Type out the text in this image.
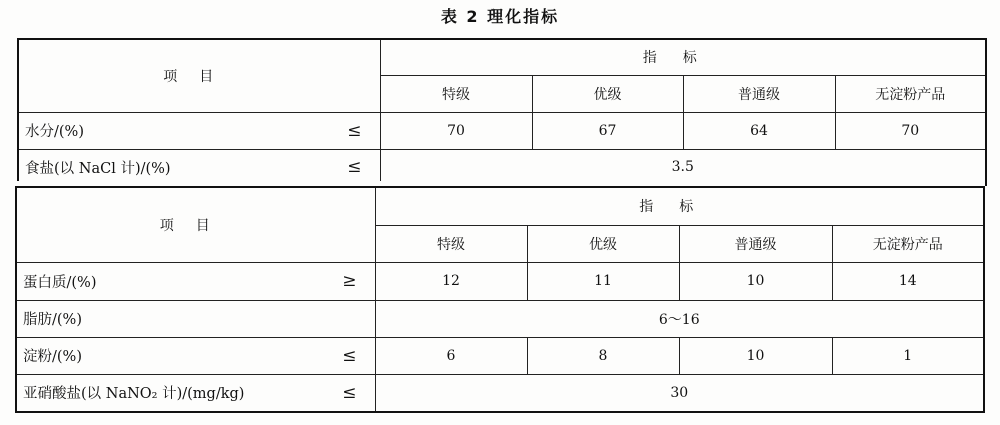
表 2 理化指标
项目	指标			
	特级	优级	普通级	无淀粉产品
水分/(%) ≤	70	67	64	70
食盐(以 NaCl 计)/(%) ≤	3.5			
项目	指标			
	特级	优级	普通级	无淀粉产品
蛋白质/(%) ≥	12	11	10	14
脂肪/(%)	6～16			
淀粉/(%) ≤	6	8	10	1
亚硝酸盐(以 NaNO₂ 计)/(mg/kg) ≤	30			
